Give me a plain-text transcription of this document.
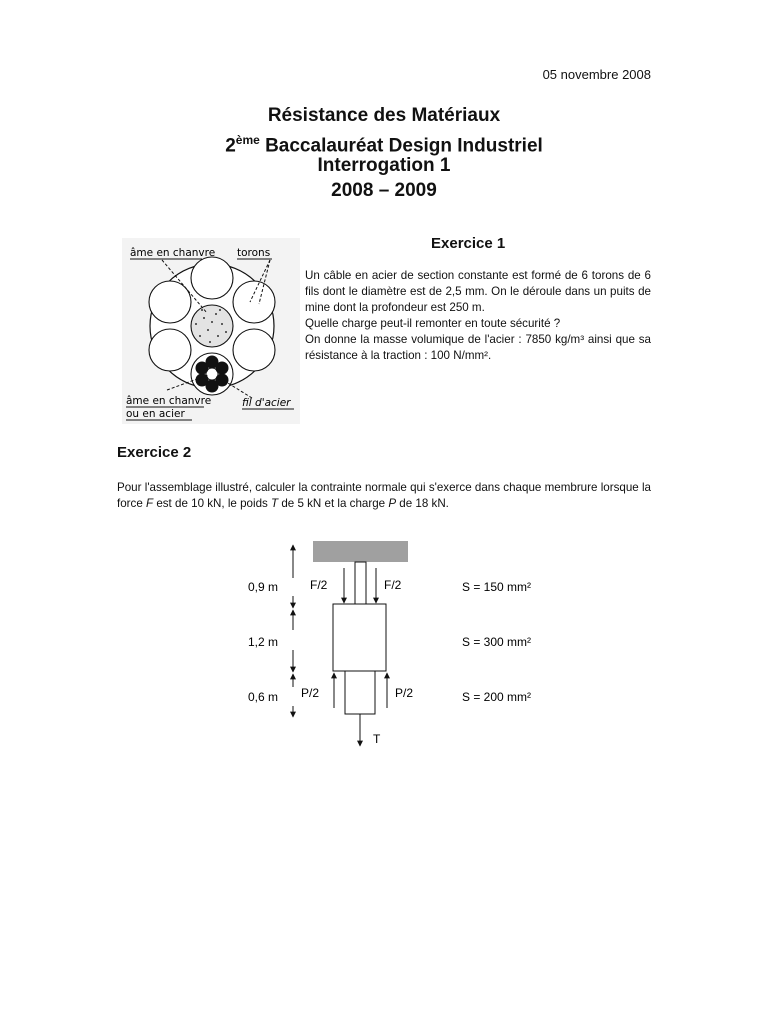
05 novembre 2008
Résistance des Matériaux
2ème Baccalauréat Design Industriel
Interrogation 1
2008 – 2009
âme en chanvre torons
âme en chanvre
ou en acier
fil d'acier
Exercice 1

Un câble en acier de section constante est formé de 6 torons de 6 fils dont le diamètre est de 2,5 mm. On le déroule dans un puits de mine dont la profondeur est 250 m.

Quelle charge peut-il remonter en toute sécurité ?

On donne la masse volumique de l'acier : 7850 kg/m³ ainsi que sa résistance à la traction : 100 N/mm².

Exercice 2
Pour l'assemblage illustré, calculer la contrainte normale qui s'exerce dans chaque membrure lorsque la force F est de 10 kN, le poids T de 5 kN et la charge P de 18 kN.
F/2	F/2
P/2	P/2
T
0,9 m
1,2 m
0,6 m
S = 150 mm²
S = 300 mm²
S = 200 mm²
